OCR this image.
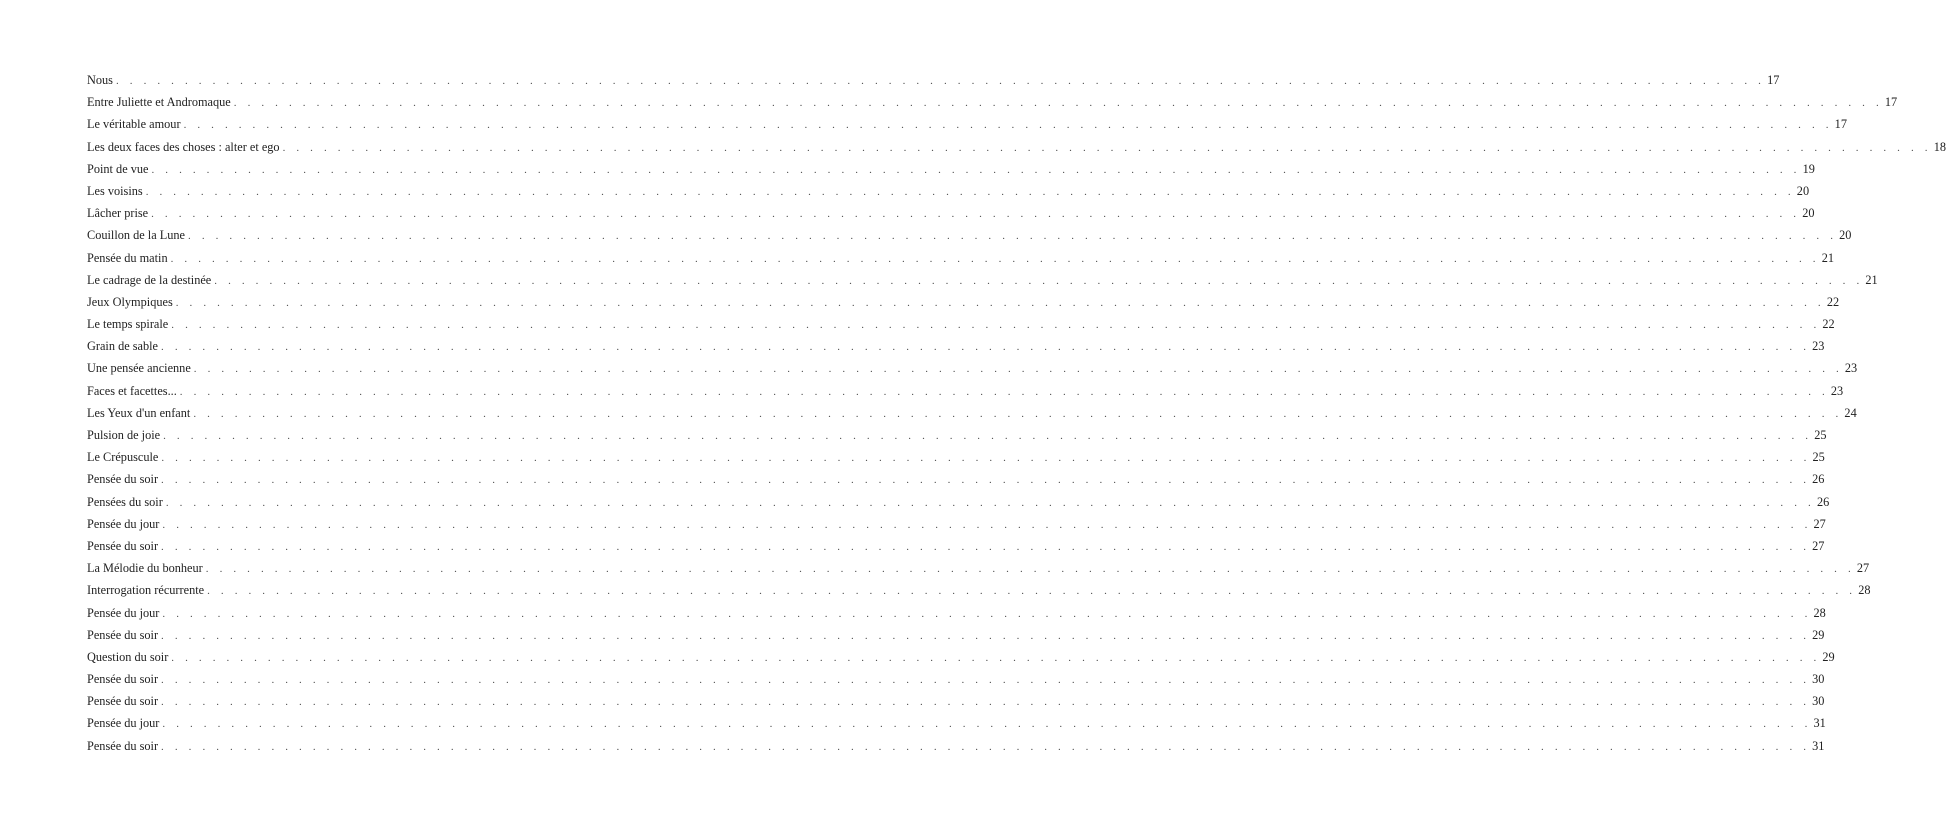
Nous . . . . . . . . . . . . . . . . . . . . . . . . . . . . . . . . . . . . . . . . . . . . . . . . . . . . . . . . . . . . . . . . . . . . . . . . . . . . . . . . . . . . . . . . . . . . . . . . . . . . . . . . . . . . . . . . . . . . . . . . 17
Entre Juliette et Andromaque . . . . . . . . . . . . . . . . . . . . . . . . . . . . . . . . . . . . . . . . . . . . . . . . . . . . . . . . . . . . . . . . . . . . . . . . . . . . . . . . . . . . . . . . . . . . . . . . . . . . . . . . . . . . . . . . . . . . . . . . 17
Le véritable amour . . . . . . . . . . . . . . . . . . . . . . . . . . . . . . . . . . . . . . . . . . . . . . . . . . . . . . . . . . . . . . . . . . . . . . . . . . . . . . . . . . . . . . . . . . . . . . . . . . . . . . . . . . . . . . . . . . . . . . . . 17
Les deux faces des choses : alter et ego . . . . . . . . . . . . . . . . . . . . . . . . . . . . . . . . . . . . . . . . . . . . . . . . . . . . . . . . . . . . . . . . . . . . . . . . . . . . . . . . . . . . . . . . . . . . . . . . . . . . . . . . . . . . . . . . . . . . . . . . 18
Point de vue . . . . . . . . . . . . . . . . . . . . . . . . . . . . . . . . . . . . . . . . . . . . . . . . . . . . . . . . . . . . . . . . . . . . . . . . . . . . . . . . . . . . . . . . . . . . . . . . . . . . . . . . . . . . . . . . . . . . . . . . 19
Les voisins . . . . . . . . . . . . . . . . . . . . . . . . . . . . . . . . . . . . . . . . . . . . . . . . . . . . . . . . . . . . . . . . . . . . . . . . . . . . . . . . . . . . . . . . . . . . . . . . . . . . . . . . . . . . . . . . . . . . . . . . 20
Lâcher prise . . . . . . . . . . . . . . . . . . . . . . . . . . . . . . . . . . . . . . . . . . . . . . . . . . . . . . . . . . . . . . . . . . . . . . . . . . . . . . . . . . . . . . . . . . . . . . . . . . . . . . . . . . . . . . . . . . . . . . . . 20
Couillon de la Lune . . . . . . . . . . . . . . . . . . . . . . . . . . . . . . . . . . . . . . . . . . . . . . . . . . . . . . . . . . . . . . . . . . . . . . . . . . . . . . . . . . . . . . . . . . . . . . . . . . . . . . . . . . . . . . . . . . . . . . . . 20
Pensée du matin . . . . . . . . . . . . . . . . . . . . . . . . . . . . . . . . . . . . . . . . . . . . . . . . . . . . . . . . . . . . . . . . . . . . . . . . . . . . . . . . . . . . . . . . . . . . . . . . . . . . . . . . . . . . . . . . . . . . . . . . 21
Le cadrage de la destinée . . . . . . . . . . . . . . . . . . . . . . . . . . . . . . . . . . . . . . . . . . . . . . . . . . . . . . . . . . . . . . . . . . . . . . . . . . . . . . . . . . . . . . . . . . . . . . . . . . . . . . . . . . . . . . . . . . . . . . . . 21
Jeux Olympiques . . . . . . . . . . . . . . . . . . . . . . . . . . . . . . . . . . . . . . . . . . . . . . . . . . . . . . . . . . . . . . . . . . . . . . . . . . . . . . . . . . . . . . . . . . . . . . . . . . . . . . . . . . . . . . . . . . . . . . . . 22
Le temps spirale . . . . . . . . . . . . . . . . . . . . . . . . . . . . . . . . . . . . . . . . . . . . . . . . . . . . . . . . . . . . . . . . . . . . . . . . . . . . . . . . . . . . . . . . . . . . . . . . . . . . . . . . . . . . . . . . . . . . . . . . 22
Grain de sable . . . . . . . . . . . . . . . . . . . . . . . . . . . . . . . . . . . . . . . . . . . . . . . . . . . . . . . . . . . . . . . . . . . . . . . . . . . . . . . . . . . . . . . . . . . . . . . . . . . . . . . . . . . . . . . . . . . . . . . . 23
Une pensée ancienne . . . . . . . . . . . . . . . . . . . . . . . . . . . . . . . . . . . . . . . . . . . . . . . . . . . . . . . . . . . . . . . . . . . . . . . . . . . . . . . . . . . . . . . . . . . . . . . . . . . . . . . . . . . . . . . . . . . . . . . . 23
Faces et facettes... . . . . . . . . . . . . . . . . . . . . . . . . . . . . . . . . . . . . . . . . . . . . . . . . . . . . . . . . . . . . . . . . . . . . . . . . . . . . . . . . . . . . . . . . . . . . . . . . . . . . . . . . . . . . . . . . . . . . . . . . 23
Les Yeux d'un enfant . . . . . . . . . . . . . . . . . . . . . . . . . . . . . . . . . . . . . . . . . . . . . . . . . . . . . . . . . . . . . . . . . . . . . . . . . . . . . . . . . . . . . . . . . . . . . . . . . . . . . . . . . . . . . . . . . . . . . . . . 24
Pulsion de joie . . . . . . . . . . . . . . . . . . . . . . . . . . . . . . . . . . . . . . . . . . . . . . . . . . . . . . . . . . . . . . . . . . . . . . . . . . . . . . . . . . . . . . . . . . . . . . . . . . . . . . . . . . . . . . . . . . . . . . . . 25
Le Crépuscule . . . . . . . . . . . . . . . . . . . . . . . . . . . . . . . . . . . . . . . . . . . . . . . . . . . . . . . . . . . . . . . . . . . . . . . . . . . . . . . . . . . . . . . . . . . . . . . . . . . . . . . . . . . . . . . . . . . . . . . . 25
Pensée du soir . . . . . . . . . . . . . . . . . . . . . . . . . . . . . . . . . . . . . . . . . . . . . . . . . . . . . . . . . . . . . . . . . . . . . . . . . . . . . . . . . . . . . . . . . . . . . . . . . . . . . . . . . . . . . . . . . . . . . . . . 26
Pensées du soir . . . . . . . . . . . . . . . . . . . . . . . . . . . . . . . . . . . . . . . . . . . . . . . . . . . . . . . . . . . . . . . . . . . . . . . . . . . . . . . . . . . . . . . . . . . . . . . . . . . . . . . . . . . . . . . . . . . . . . . . 26
Pensée du jour . . . . . . . . . . . . . . . . . . . . . . . . . . . . . . . . . . . . . . . . . . . . . . . . . . . . . . . . . . . . . . . . . . . . . . . . . . . . . . . . . . . . . . . . . . . . . . . . . . . . . . . . . . . . . . . . . . . . . . . . 27
Pensée du soir . . . . . . . . . . . . . . . . . . . . . . . . . . . . . . . . . . . . . . . . . . . . . . . . . . . . . . . . . . . . . . . . . . . . . . . . . . . . . . . . . . . . . . . . . . . . . . . . . . . . . . . . . . . . . . . . . . . . . . . . 27
La Mélodie du bonheur . . . . . . . . . . . . . . . . . . . . . . . . . . . . . . . . . . . . . . . . . . . . . . . . . . . . . . . . . . . . . . . . . . . . . . . . . . . . . . . . . . . . . . . . . . . . . . . . . . . . . . . . . . . . . . . . . . . . . . . . 27
Interrogation récurrente . . . . . . . . . . . . . . . . . . . . . . . . . . . . . . . . . . . . . . . . . . . . . . . . . . . . . . . . . . . . . . . . . . . . . . . . . . . . . . . . . . . . . . . . . . . . . . . . . . . . . . . . . . . . . . . . . . . . . . . . 28
Pensée du jour . . . . . . . . . . . . . . . . . . . . . . . . . . . . . . . . . . . . . . . . . . . . . . . . . . . . . . . . . . . . . . . . . . . . . . . . . . . . . . . . . . . . . . . . . . . . . . . . . . . . . . . . . . . . . . . . . . . . . . . . 28
Pensée du soir . . . . . . . . . . . . . . . . . . . . . . . . . . . . . . . . . . . . . . . . . . . . . . . . . . . . . . . . . . . . . . . . . . . . . . . . . . . . . . . . . . . . . . . . . . . . . . . . . . . . . . . . . . . . . . . . . . . . . . . . 29
Question du soir . . . . . . . . . . . . . . . . . . . . . . . . . . . . . . . . . . . . . . . . . . . . . . . . . . . . . . . . . . . . . . . . . . . . . . . . . . . . . . . . . . . . . . . . . . . . . . . . . . . . . . . . . . . . . . . . . . . . . . . . 29
Pensée du soir . . . . . . . . . . . . . . . . . . . . . . . . . . . . . . . . . . . . . . . . . . . . . . . . . . . . . . . . . . . . . . . . . . . . . . . . . . . . . . . . . . . . . . . . . . . . . . . . . . . . . . . . . . . . . . . . . . . . . . . . 30
Pensée du soir . . . . . . . . . . . . . . . . . . . . . . . . . . . . . . . . . . . . . . . . . . . . . . . . . . . . . . . . . . . . . . . . . . . . . . . . . . . . . . . . . . . . . . . . . . . . . . . . . . . . . . . . . . . . . . . . . . . . . . . . 30
Pensée du jour . . . . . . . . . . . . . . . . . . . . . . . . . . . . . . . . . . . . . . . . . . . . . . . . . . . . . . . . . . . . . . . . . . . . . . . . . . . . . . . . . . . . . . . . . . . . . . . . . . . . . . . . . . . . . . . . . . . . . . . . 31
Pensée du soir . . . . . . . . . . . . . . . . . . . . . . . . . . . . . . . . . . . . . . . . . . . . . . . . . . . . . . . . . . . . . . . . . . . . . . . . . . . . . . . . . . . . . . . . . . . . . . . . . . . . . . . . . . . . . . . . . . . . . . . . 31
